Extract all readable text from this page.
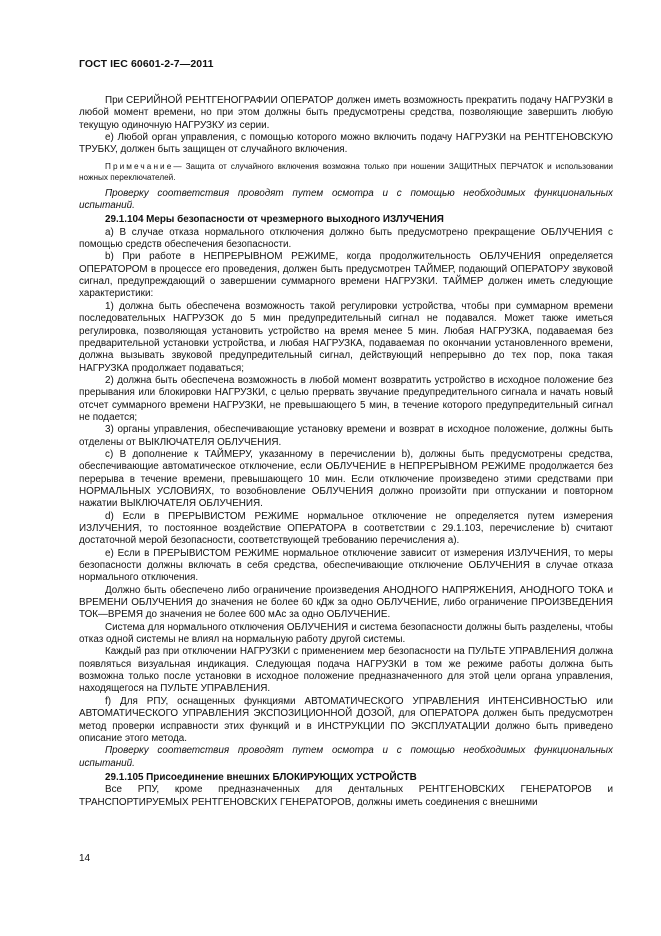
ГОСТ IEC 60601-2-7—2011

При СЕРИЙНОЙ РЕНТГЕНОГРАФИИ ОПЕРАТОР должен иметь возможность прекратить подачу НАГРУЗКИ в любой момент времени, но при этом должны быть предусмотрены средства, позволяющие завершить любую текущую одиночную НАГРУЗКУ из серии.

е) Любой орган управления, с помощью которого можно включить подачу НАГРУЗКИ на РЕНТГЕНОВСКУЮ ТРУБКУ, должен быть защищен от случайного включения.

Примечание— Защита от случайного включения возможна только при ношении ЗАЩИТНЫХ ПЕРЧАТОК и использовании ножных переключателей.

Проверку соответствия проводят путем осмотра и с помощью необходимых функциональных испытаний.

29.1.104 Меры безопасности от чрезмерного выходного ИЗЛУЧЕНИЯ

а) В случае отказа нормального отключения должно быть предусмотрено прекращение ОБЛУЧЕНИЯ с помощью средств обеспечения безопасности.

b) При работе в НЕПРЕРЫВНОМ РЕЖИМЕ, когда продолжительность ОБЛУЧЕНИЯ определяется ОПЕРАТОРОМ в процессе его проведения, должен быть предусмотрен ТАЙМЕР, подающий ОПЕРАТОРУ звуковой сигнал, предупреждающий о завершении суммарного времени НАГРУЗКИ. ТАЙМЕР должен иметь следующие характеристики:

1) должна быть обеспечена возможность такой регулировки устройства, чтобы при суммарном времени последовательных НАГРУЗОК до 5 мин предупредительный сигнал не подавался. Может также иметься регулировка, позволяющая установить устройство на время менее 5 мин. Любая НАГРУЗКА, подаваемая без предварительной установки устройства, и любая НАГРУЗКА, подаваемая по окончании установленного времени, должна вызывать звуковой предупредительный сигнал, действующий непрерывно до тех пор, пока такая НАГРУЗКА продолжает подаваться;

2) должна быть обеспечена возможность в любой момент возвратить устройство в исходное положение без прерывания или блокировки НАГРУЗКИ, с целью прервать звучание предупредительного сигнала и начать новый отсчет суммарного времени НАГРУЗКИ, не превышающего 5 мин, в течение которого предупредительный сигнал не подается;

3) органы управления, обеспечивающие установку времени и возврат в исходное положение, должны быть отделены от ВЫКЛЮЧАТЕЛЯ ОБЛУЧЕНИЯ.

с) В дополнение к ТАЙМЕРУ, указанному в перечислении b), должны быть предусмотрены средства, обеспечивающие автоматическое отключение, если ОБЛУЧЕНИЕ в НЕПРЕРЫВНОМ РЕЖИМЕ продолжается без перерыва в течение времени, превышающего 10 мин. Если отключение произведено этими средствами при НОРМАЛЬНЫХ УСЛОВИЯХ, то возобновление ОБЛУЧЕНИЯ должно произойти при отпускании и повторном нажатии ВЫКЛЮЧАТЕЛЯ ОБЛУЧЕНИЯ.

d) Если в ПРЕРЫВИСТОМ РЕЖИМЕ нормальное отключение не определяется путем измерения ИЗЛУЧЕНИЯ, то постоянное воздействие ОПЕРАТОРА в соответствии с 29.1.103, перечисление b) считают достаточной мерой безопасности, соответствующей требованию перечисления а).

е) Если в ПРЕРЫВИСТОМ РЕЖИМЕ нормальное отключение зависит от измерения ИЗЛУЧЕНИЯ, то меры безопасности должны включать в себя средства, обеспечивающие отключение ОБЛУЧЕНИЯ в случае отказа нормального отключения.

Должно быть обеспечено либо ограничение произведения АНОДНОГО НАПРЯЖЕНИЯ, АНОДНОГО ТОКА и ВРЕМЕНИ ОБЛУЧЕНИЯ до значения не более 60 кДж за одно ОБЛУЧЕНИЕ, либо ограничение ПРОИЗВЕДЕНИЯ ТОК—ВРЕМЯ до значения не более 600 мАс за одно ОБЛУЧЕНИЕ.

Система для нормального отключения ОБЛУЧЕНИЯ и система безопасности должны быть разделены, чтобы отказ одной системы не влиял на нормальную работу другой системы.

Каждый раз при отключении НАГРУЗКИ с применением мер безопасности на ПУЛЬТЕ УПРАВЛЕНИЯ должна появляться визуальная индикация. Следующая подача НАГРУЗКИ в том же режиме работы должна быть возможна только после установки в исходное положение предназначенного для этой цели органа управления, находящегося на ПУЛЬТЕ УПРАВЛЕНИЯ.

f) Для РПУ, оснащенных функциями АВТОМАТИЧЕСКОГО УПРАВЛЕНИЯ ИНТЕНСИВНОСТЬЮ или АВТОМАТИЧЕСКОГО УПРАВЛЕНИЯ ЭКСПОЗИЦИОННОЙ ДОЗОЙ, для ОПЕРАТОРА должен быть предусмотрен метод проверки исправности этих функций и в ИНСТРУКЦИИ ПО ЭКСПЛУАТАЦИИ должно быть приведено описание этого метода.

Проверку соответствия проводят путем осмотра и с помощью необходимых функциональных испытаний.

29.1.105 Присоединение внешних БЛОКИРУЮЩИХ УСТРОЙСТВ

Все РПУ, кроме предназначенных для дентальных РЕНТГЕНОВСКИХ ГЕНЕРАТОРОВ и ТРАНСПОРТИРУЕМЫХ РЕНТГЕНОВСКИХ ГЕНЕРАТОРОВ, должны иметь соединения с внешними

14
